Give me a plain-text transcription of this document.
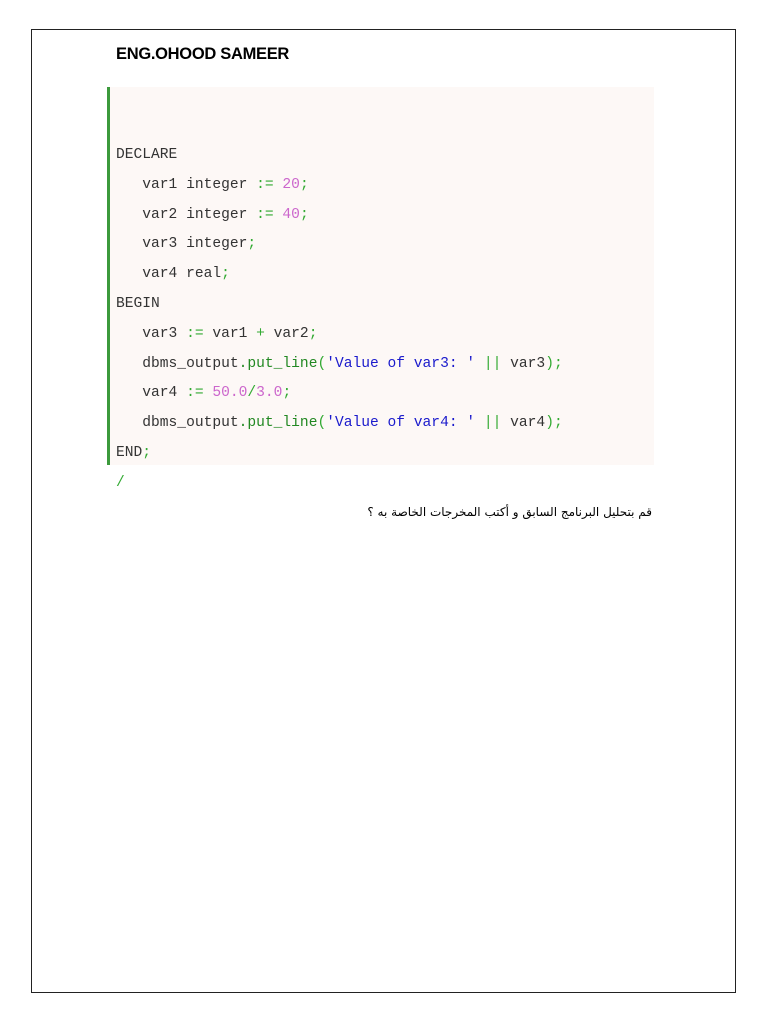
ENG.OHOOD SAMEER
DECLARE
var1 integer := 20;
var2 integer := 40;
var3 integer;
var4 real;
BEGIN
var3 := var1 + var2;
dbms_output.put_line('Value of var3: ' || var3);
var4 := 50.0/3.0;
dbms_output.put_line('Value of var4: ' || var4);
END;
/
قم بتحليل البرنامج السابق و أكتب المخرجات الخاصة به ؟
